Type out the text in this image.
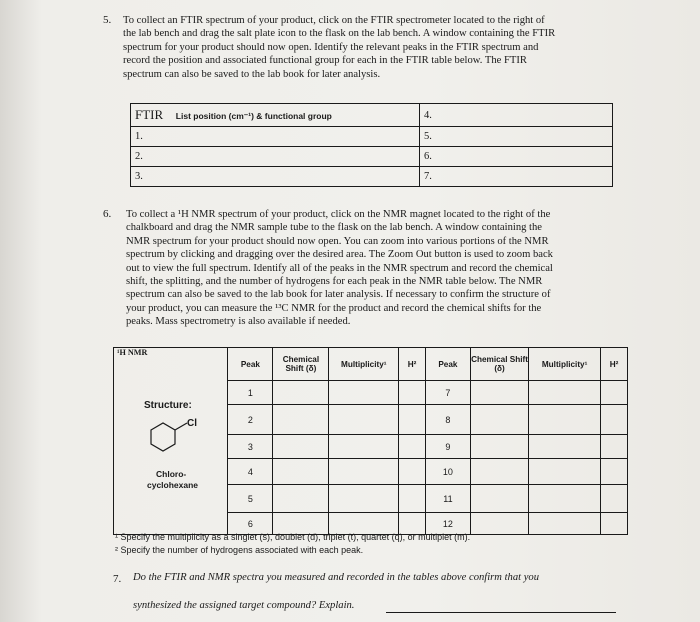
5. To collect an FTIR spectrum of your product, click on the FTIR spectrometer located to the right of
the lab bench and drag the salt plate icon to the flask on the lab bench. A window containing the FTIR
spectrum for your product should now open. Identify the relevant peaks in the FTIR spectrum and
record the position and associated functional group for each in the FTIR table below. The FTIR
spectrum can also be saved to the lab book for later analysis.
FTIR List position (cm⁻¹) & functional group	4.
1.	5.
2.	6.
3.	7.
6. To collect a ¹H NMR spectrum of your product, click on the NMR magnet located to the right of the
chalkboard and drag the NMR sample tube to the flask on the lab bench. A window containing the
NMR spectrum for your product should now open. You can zoom into various portions of the NMR
spectrum by clicking and dragging over the desired area. The Zoom Out button is used to zoom back
out to view the full spectrum. Identify all of the peaks in the NMR spectrum and record the chemical
shift, the splitting, and the number of hydrogens for each peak in the NMR table below. The NMR
spectrum can also be saved to the lab book for later analysis. If necessary to confirm the structure of
your product, you can measure the ¹³C NMR for the product and record the chemical shifts for the
peaks. Mass spectrometry is also available if needed.
¹H NMR
Structure:
Cl
Chloro-
cyclohexane	Peak	Chemical Shift (δ)	Multiplicity¹	H²	Peak	Chemical Shift (δ)	Multiplicity¹	H²
	1				7			
	2				8			
	3				9			
	4				10			
	5				11			
	6				12			
¹ Specify the multiplicity as a singlet (s), doublet (d), triplet (t), quartet (q), or multiplet (m).
² Specify the number of hydrogens associated with each peak.
7. Do the FTIR and NMR spectra you measured and recorded in the tables above confirm that you
synthesized the assigned target compound? Explain.
